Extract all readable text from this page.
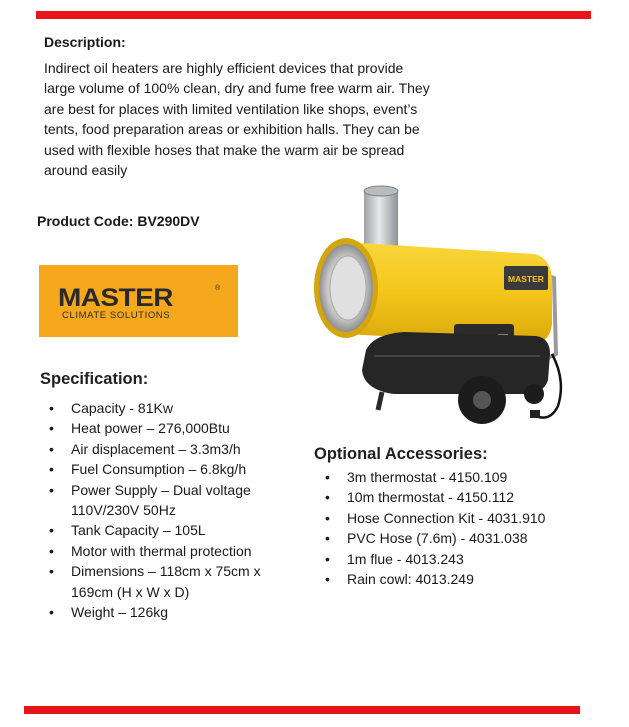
Description:
Indirect oil heaters are highly efficient devices that provide
large volume of 100% clean, dry and fume free warm air. They
are best for places with limited ventilation like shops, event’s
tents, food preparation areas or exhibition halls. They can be
used with flexible hoses that make the warm air be spread
around easily
Product Code: BV290DV
MASTER	®
CLIMATE SOLUTIONS
MASTER
Specification:
• Capacity - 81Kw
• Heat power – 276,000Btu
• Air displacement – 3.3m3/h
• Fuel Consumption – 6.8kg/h
• Power Supply – Dual voltage 110V/230V 50Hz
• Tank Capacity – 105L
• Motor with thermal protection
• Dimensions – 118cm x 75cm x 169cm (H x W x D)
• Weight – 126kg
Optional Accessories:
• 3m thermostat - 4150.109
• 10m thermostat - 4150.112
• Hose Connection Kit - 4031.910
• PVC Hose (7.6m) - 4031.038
• 1m flue - 4013.243
• Rain cowl: 4013.249
